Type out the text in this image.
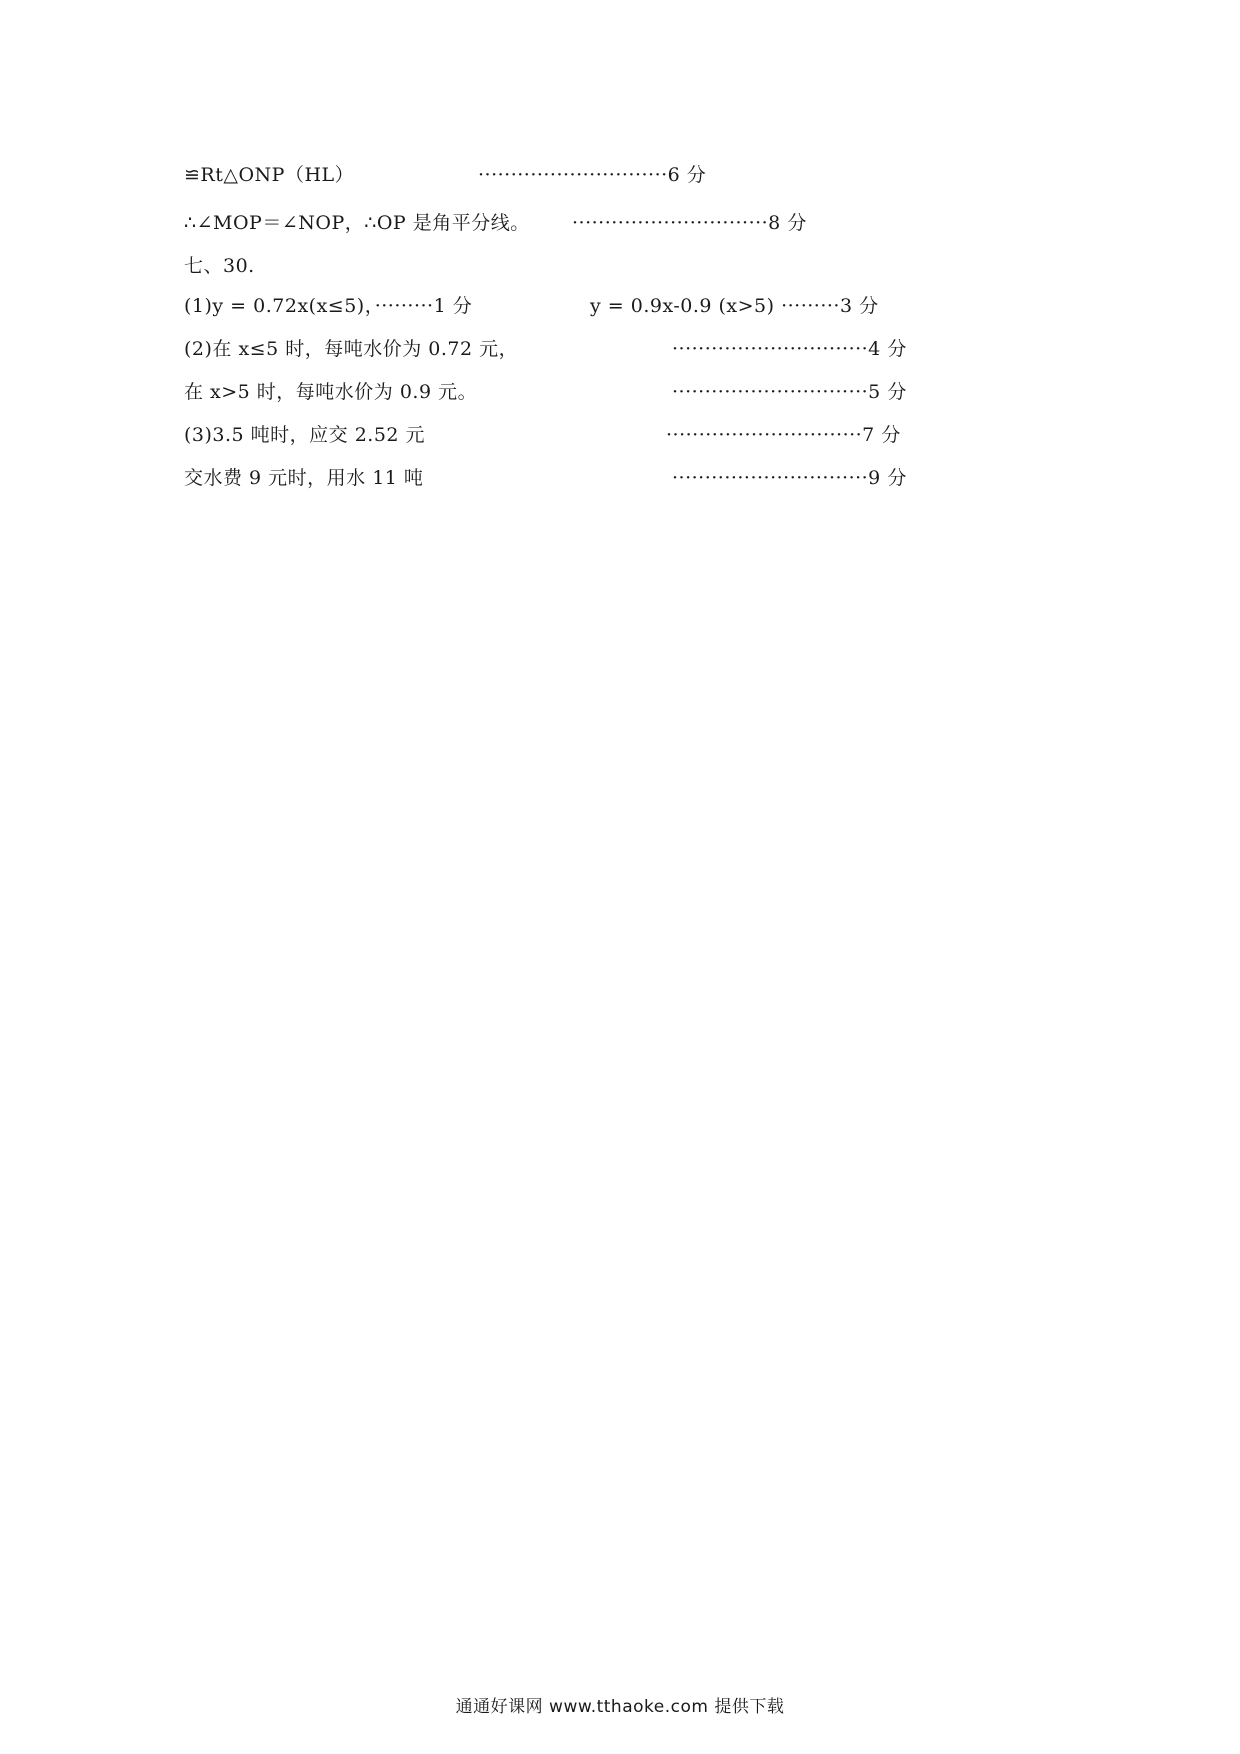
≌Rt△ONP（HL）	·····························6 分
∴∠MOP＝∠NOP，∴OP 是角平分线。 ······························8 分
七、30.
(1)y = 0.72x(x≤5)，·········1 分	y = 0.9x-0.9 (x>5) ·········3 分
(2)在 x≤5 时，每吨水价为 0.72 元，	······························4 分
在 x>5 时，每吨水价为 0.9 元。	······························5 分
(3)3.5 吨时，应交 2.52 元	······························7 分
交水费 9 元时，用水 11 吨	······························9 分
通通好课网 www.tthaoke.com 提供下载
